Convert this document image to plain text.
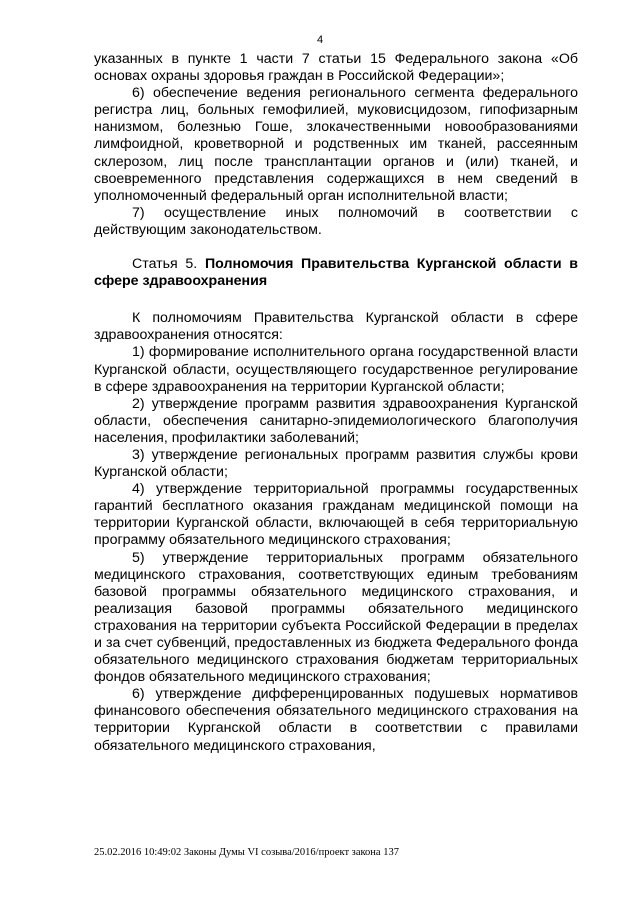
4

указанных в пункте 1 части 7 статьи 15 Федерального закона «Об основах охраны здоровья граждан в Российской Федерации»;

6) обеспечение ведения регионального сегмента федерального регистра лиц, больных гемофилией, муковисцидозом, гипофизарным нанизмом, болезнью Гоше, злокачественными новообразованиями лимфоидной, кроветворной и родственных им тканей, рассеянным склерозом, лиц после трансплантации органов и (или) тканей, и своевременного представления содержащихся в нем сведений в уполномоченный федеральный орган исполнительной власти;

7) осуществление иных полномочий в соответствии с действующим законодательством.

Статья 5. Полномочия Правительства Курганской области в сфере здравоохранения

К полномочиям Правительства Курганской области в сфере здравоохранения относятся:

1) формирование исполнительного органа государственной власти Курганской области, осуществляющего государственное регулирование в сфере здравоохранения на территории Курганской области;

2) утверждение программ развития здравоохранения Курганской области, обеспечения санитарно-эпидемиологического благополучия населения, профилактики заболеваний;

3) утверждение региональных программ развития службы крови Курганской области;

4) утверждение территориальной программы государственных гарантий бесплатного оказания гражданам медицинской помощи на территории Курганской области, включающей в себя территориальную программу обязательного медицинского страхования;

5) утверждение территориальных программ обязательного медицинского страхования, соответствующих единым требованиям базовой программы обязательного медицинского страхования, и реализация базовой программы обязательного медицинского страхования на территории субъекта Российской Федерации в пределах и за счет субвенций, предоставленных из бюджета Федерального фонда обязательного медицинского страхования бюджетам территориальных фондов обязательного медицинского страхования;

6) утверждение дифференцированных подушевых нормативов финансового обеспечения обязательного медицинского страхования на территории Курганской области в соответствии с правилами обязательного медицинского страхования,

25.02.2016 10:49:02 Законы Думы VI созыва/2016/проект закона 137
